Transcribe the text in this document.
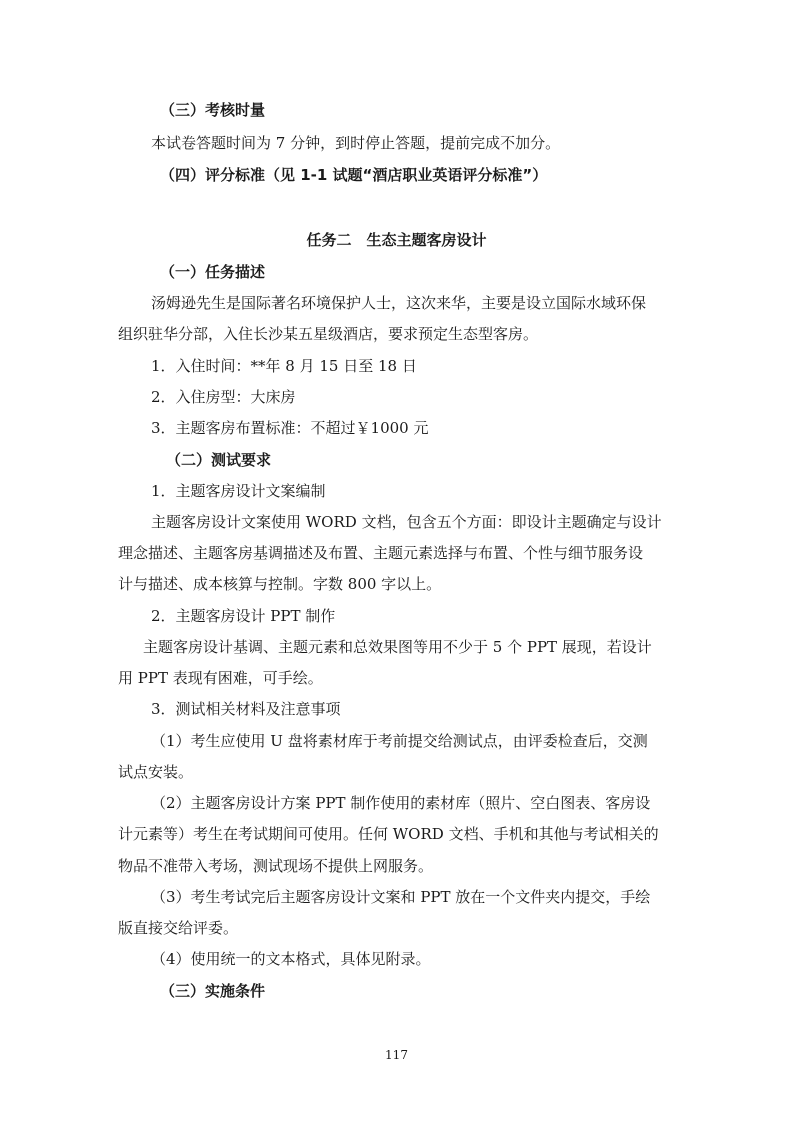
（三）考核时量
本试卷答题时间为 7 分钟，到时停止答题，提前完成不加分。
（四）评分标准（见 1-1 试题“酒店职业英语评分标准”）
任务二　生态主题客房设计
（一）任务描述
汤姆逊先生是国际著名环境保护人士，这次来华，主要是设立国际水域环保
组织驻华分部，入住长沙某五星级酒店，要求预定生态型客房。
1．入住时间：**年 8 月 15 日至 18 日
2．入住房型：大床房
3．主题客房布置标准：不超过￥1000 元
（二）测试要求
1．主题客房设计文案编制
主题客房设计文案使用 WORD 文档，包含五个方面：即设计主题确定与设计
理念描述、主题客房基调描述及布置、主题元素选择与布置、个性与细节服务设
计与描述、成本核算与控制。字数 800 字以上。
2．主题客房设计 PPT 制作
主题客房设计基调、主题元素和总效果图等用不少于 5 个 PPT 展现，若设计
用 PPT 表现有困难，可手绘。
3．测试相关材料及注意事项
（1）考生应使用 U 盘将素材库于考前提交给测试点，由评委检查后，交测
试点安装。
（2）主题客房设计方案 PPT 制作使用的素材库（照片、空白图表、客房设
计元素等）考生在考试期间可使用。任何 WORD 文档、手机和其他与考试相关的
物品不准带入考场，测试现场不提供上网服务。
（3）考生考试完后主题客房设计文案和 PPT 放在一个文件夹内提交，手绘
版直接交给评委。
（4）使用统一的文本格式，具体见附录。
（三）实施条件
117
